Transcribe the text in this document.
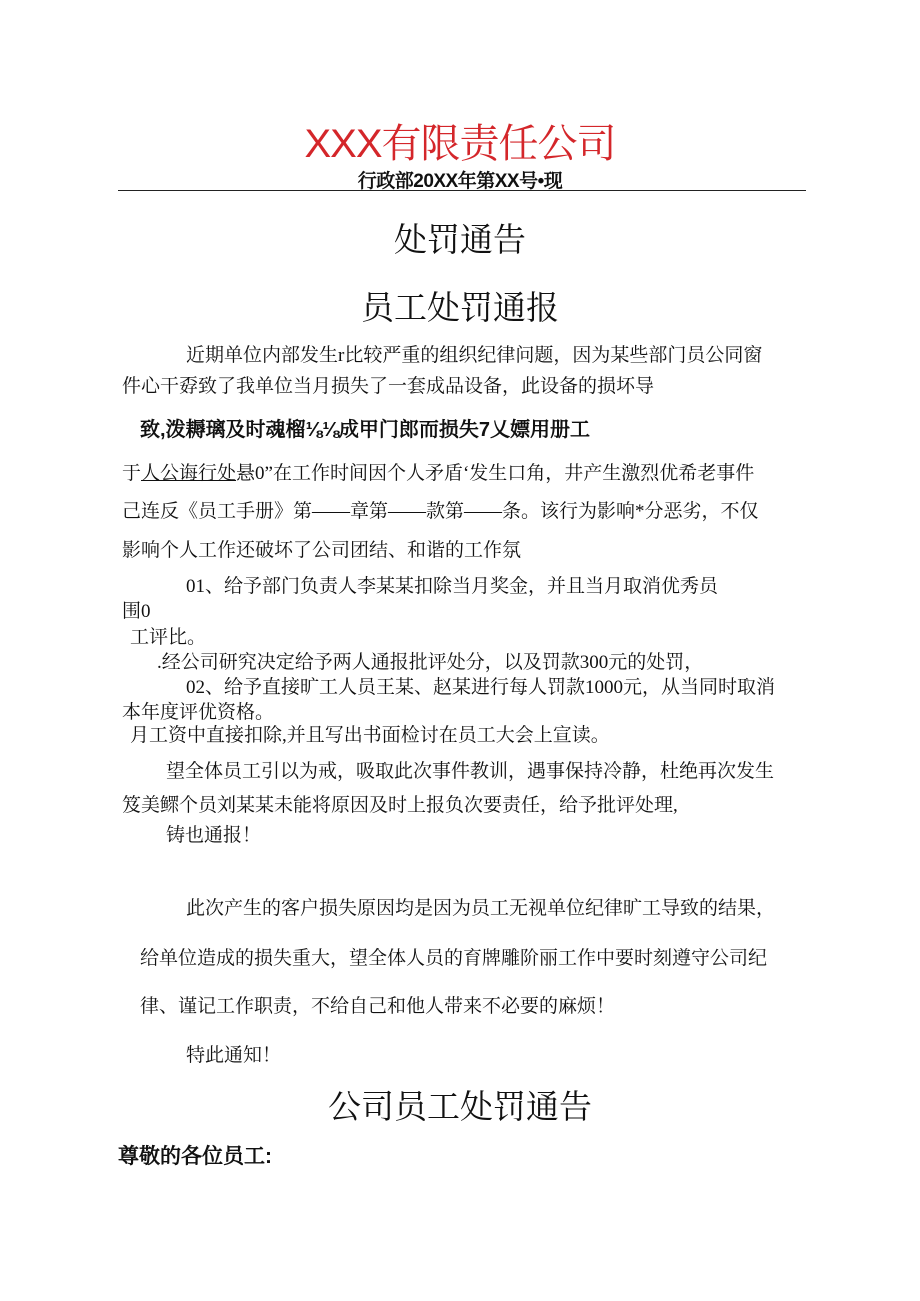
XXX有限责任公司
行政部20XX年第XX号•现
处罚通告
员工处罚通报
近期单位内部发生r比较严重的组织纪律问题，因为某些部门员公同窗
件心干孬致了我单位当月损失了一套成品设备，此设备的损坏导
致,泼耨璃及时魂榴⅛⅛成甲门郎而损失7乂嫖用册工
于人公诲行处悬0”在工作时间因个人矛盾‘发生口角，井产生激烈优希老事件
己连反《员工手册》第——章第——款第——条。该行为影响*分恶劣，不仅
影响个人工作还破坏了公司团结、和谐的工作氛
01、给予部门负责人李某某扣除当月奖金，并且当月取消优秀员
围0
工评比。
.经公司研究决定给予两人通报批评处分，以及罚款300元的处罚，
02、给予直接旷工人员王某、赵某进行每人罚款1000元，从当同时取消
本年度评优资格。
月工资中直接扣除,并且写出书面检讨在员工大会上宣读。
望全体员工引以为戒，吸取此次事件教训，遇事保持冷静，杜绝再次发生
笈美鳏个员刘某某未能将原因及时上报负次要责任，给予批评处理,
铸也通报！
此次产生的客户损失原因均是因为员工无视单位纪律旷工导致的结果，
给单位造成的损失重大，望全体人员的育牌雕阶丽工作中要时刻遵守公司纪
律、谨记工作职责，不给自己和他人带来不必要的麻烦！
特此通知！
公司员工处罚通告
尊敬的各位员工:
